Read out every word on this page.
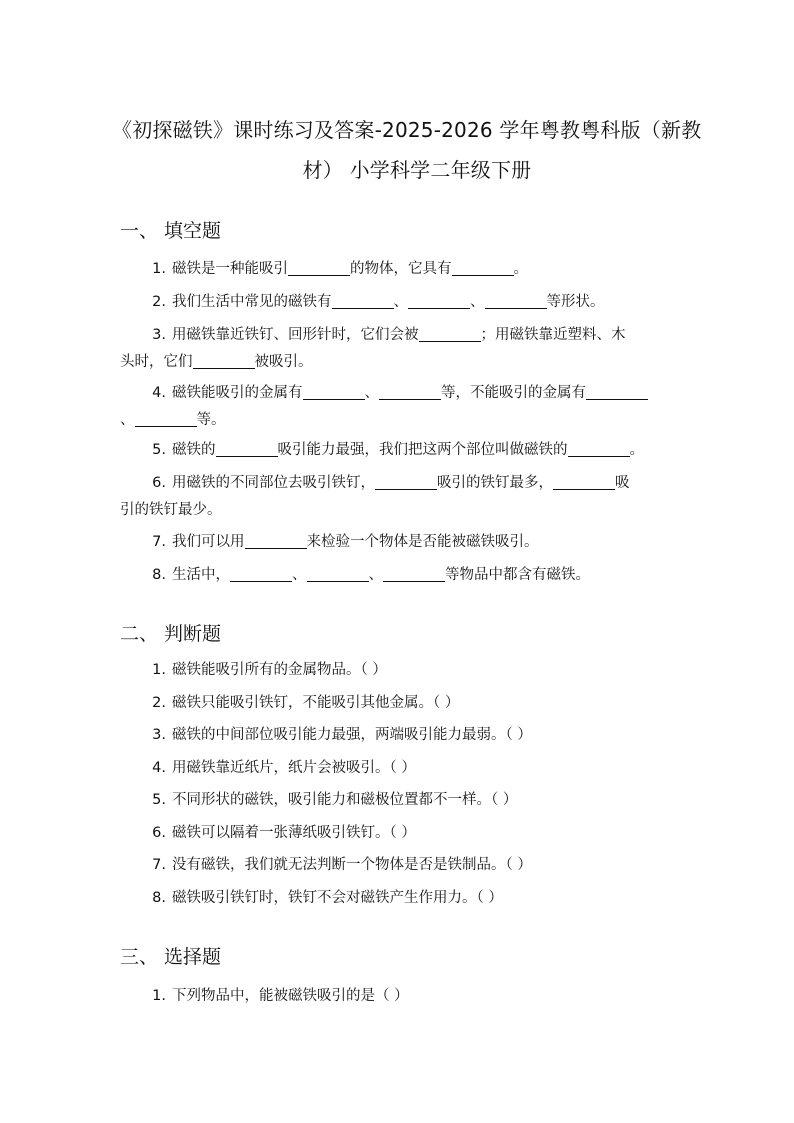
《初探磁铁》课时练习及答案-2025-2026 学年粤教粤科版（新教
材） 小学科学二年级下册
一、 填空题
1. 磁铁是一种能吸引	的物体，它具有	。
2. 我们生活中常见的磁铁有	、	、	等形状。
3. 用磁铁靠近铁钉、回形针时，它们会被	；用磁铁靠近塑料、木
头时，它们	被吸引。
4. 磁铁能吸引的金属有	、	等，不能吸引的金属有
、	等。
5. 磁铁的	吸引能力最强，我们把这两个部位叫做磁铁的	。
6. 用磁铁的不同部位去吸引铁钉，	吸引的铁钉最多，	吸
引的铁钉最少。
7. 我们可以用	来检验一个物体是否能被磁铁吸引。
8. 生活中，	、	、	等物品中都含有磁铁。
二、 判断题
1. 磁铁能吸引所有的金属物品。（ ）
2. 磁铁只能吸引铁钉，不能吸引其他金属。（ ）
3. 磁铁的中间部位吸引能力最强，两端吸引能力最弱。（ ）
4. 用磁铁靠近纸片，纸片会被吸引。（ ）
5. 不同形状的磁铁，吸引能力和磁极位置都不一样。（ ）
6. 磁铁可以隔着一张薄纸吸引铁钉。（ ）
7. 没有磁铁，我们就无法判断一个物体是否是铁制品。（ ）
8. 磁铁吸引铁钉时，铁钉不会对磁铁产生作用力。（ ）
三、 选择题
1. 下列物品中，能被磁铁吸引的是（ ）
